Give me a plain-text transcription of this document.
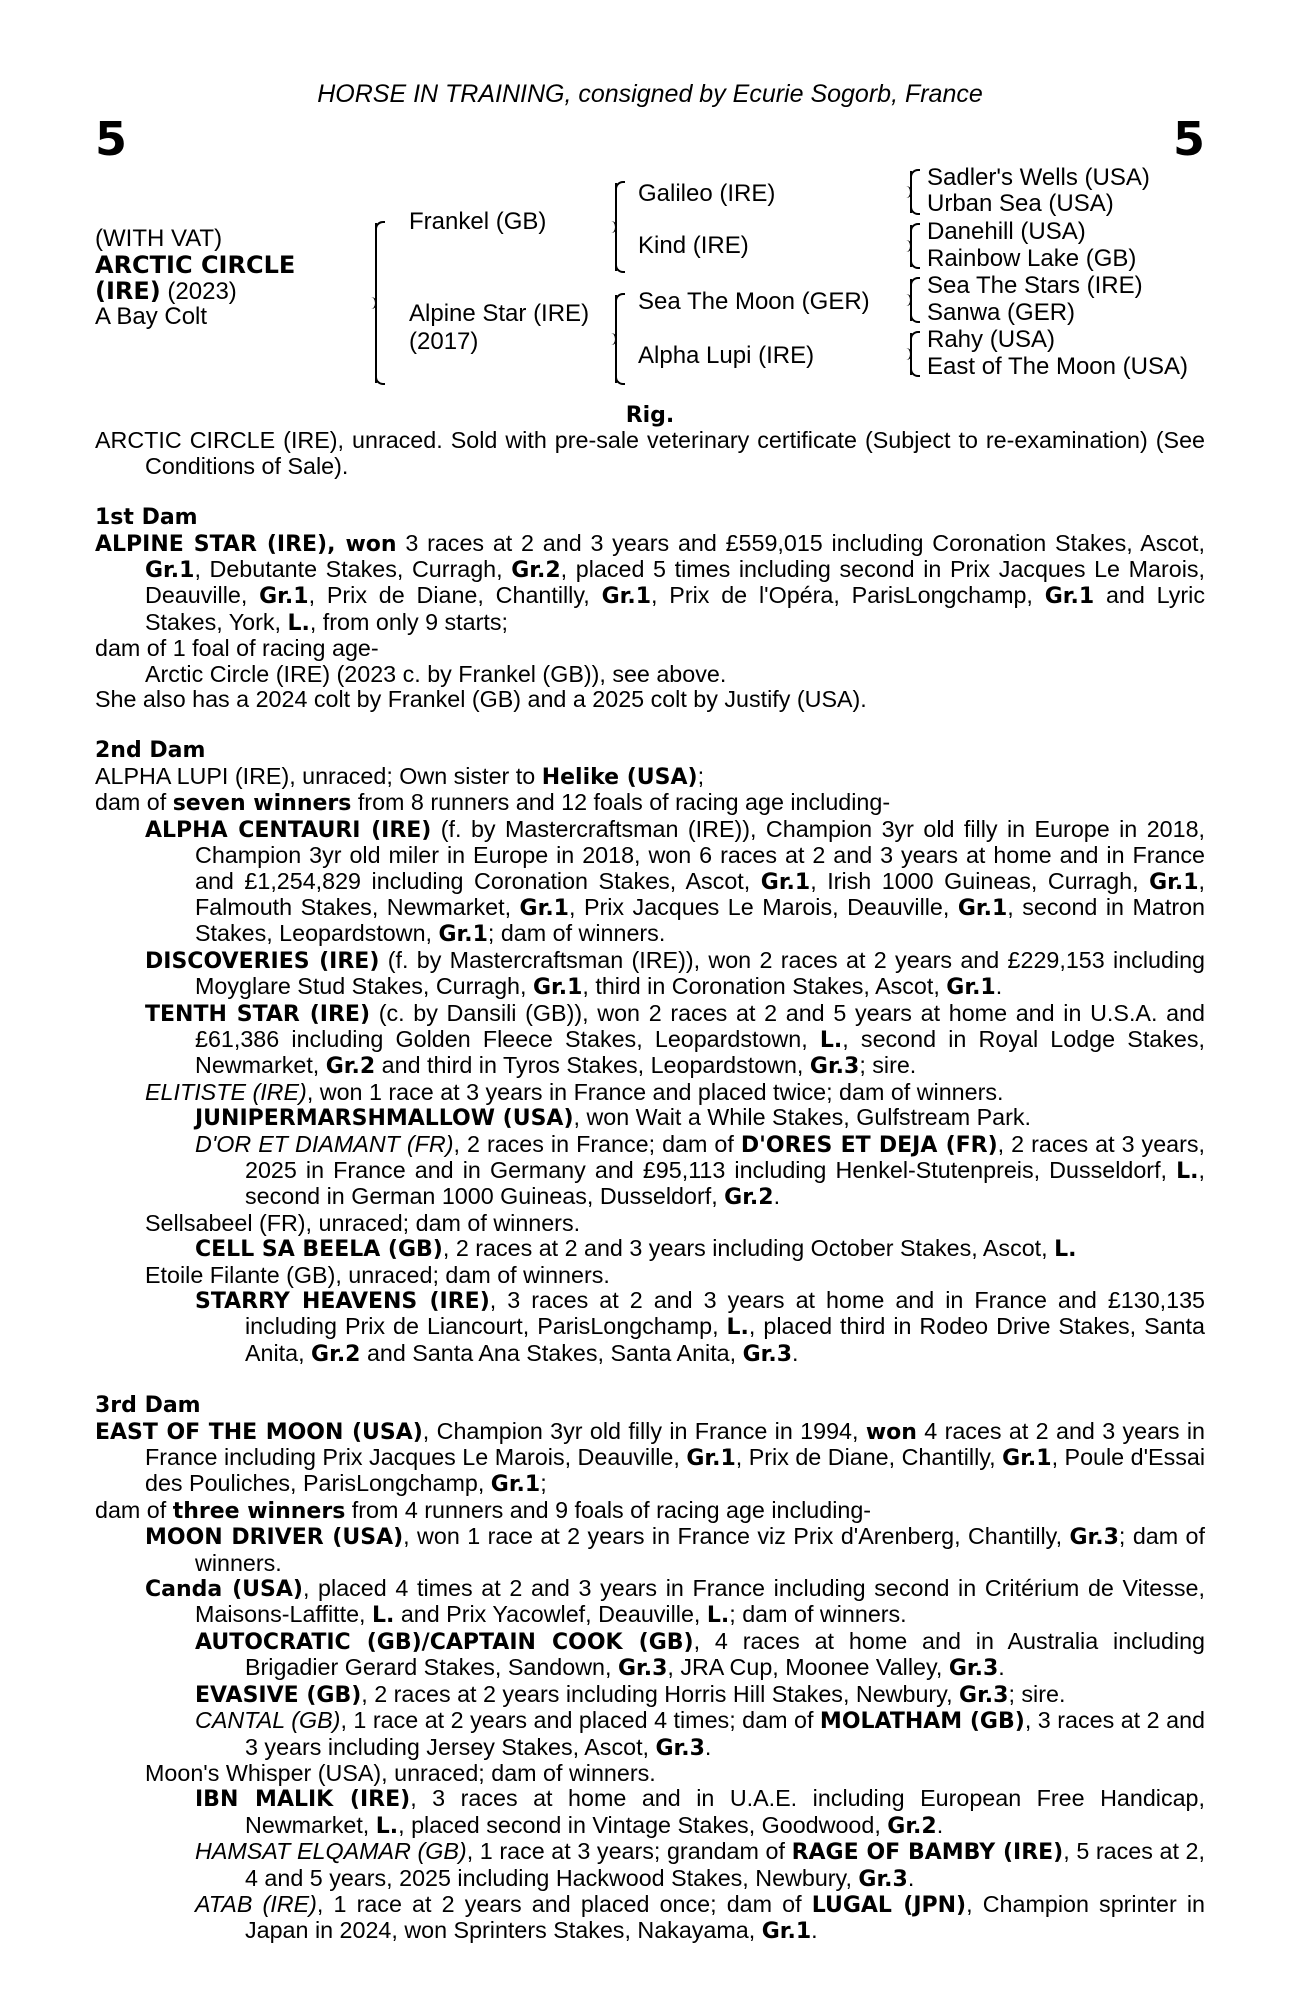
HORSE IN TRAINING, consigned by Ecurie Sogorb, France
5	5
(WITH VAT)
ARCTIC CIRCLE
(IRE) (2023)
A Bay Colt
Frankel (GB)
Alpine Star (IRE)
(2017)
Galileo (IRE)
Kind (IRE)
Sea The Moon (GER)
Alpha Lupi (IRE)
Sadler's Wells (USA)
Urban Sea (USA)
Danehill (USA)
Rainbow Lake (GB)
Sea The Stars (IRE)
Sanwa (GER)
Rahy (USA)
East of The Moon (USA)

Rig.

ARCTIC CIRCLE (IRE), unraced. Sold with pre-sale veterinary certificate (Subject to re-examination) (See Conditions of Sale).

1st Dam

ALPINE STAR (IRE), won 3 races at 2 and 3 years and £559,015 including Coronation Stakes, Ascot, Gr.1, Debutante Stakes, Curragh, Gr.2, placed 5 times including second in Prix Jacques Le Marois, Deauville, Gr.1, Prix de Diane, Chantilly, Gr.1, Prix de l'Opéra, ParisLongchamp, Gr.1 and Lyric Stakes, York, L., from only 9 starts;

dam of 1 foal of racing age-

Arctic Circle (IRE) (2023 c. by Frankel (GB)), see above.

She also has a 2024 colt by Frankel (GB) and a 2025 colt by Justify (USA).

2nd Dam

ALPHA LUPI (IRE), unraced; Own sister to Helike (USA);

dam of seven winners from 8 runners and 12 foals of racing age including-

ALPHA CENTAURI (IRE) (f. by Mastercraftsman (IRE)), Champion 3yr old filly in Europe in 2018, Champion 3yr old miler in Europe in 2018, won 6 races at 2 and 3 years at home and in France and £1,254,829 including Coronation Stakes, Ascot, Gr.1, Irish 1000 Guineas, Curragh, Gr.1, Falmouth Stakes, Newmarket, Gr.1, Prix Jacques Le Marois, Deauville, Gr.1, second in Matron Stakes, Leopardstown, Gr.1; dam of winners.

DISCOVERIES (IRE) (f. by Mastercraftsman (IRE)), won 2 races at 2 years and £229,153 including Moyglare Stud Stakes, Curragh, Gr.1, third in Coronation Stakes, Ascot, Gr.1.

TENTH STAR (IRE) (c. by Dansili (GB)), won 2 races at 2 and 5 years at home and in U.S.A. and £61,386 including Golden Fleece Stakes, Leopardstown, L., second in Royal Lodge Stakes, Newmarket, Gr.2 and third in Tyros Stakes, Leopardstown, Gr.3; sire.

ELITISTE (IRE), won 1 race at 3 years in France and placed twice; dam of winners.

JUNIPERMARSHMALLOW (USA), won Wait a While Stakes, Gulfstream Park.

D'OR ET DIAMANT (FR), 2 races in France; dam of D'ORES ET DEJA (FR), 2 races at 3 years, 2025 in France and in Germany and £95,113 including Henkel-Stutenpreis, Dusseldorf, L., second in German 1000 Guineas, Dusseldorf, Gr.2.

Sellsabeel (FR), unraced; dam of winners.

CELL SA BEELA (GB), 2 races at 2 and 3 years including October Stakes, Ascot, L.

Etoile Filante (GB), unraced; dam of winners.

STARRY HEAVENS (IRE), 3 races at 2 and 3 years at home and in France and £130,135 including Prix de Liancourt, ParisLongchamp, L., placed third in Rodeo Drive Stakes, Santa Anita, Gr.2 and Santa Ana Stakes, Santa Anita, Gr.3.

3rd Dam

EAST OF THE MOON (USA), Champion 3yr old filly in France in 1994, won 4 races at 2 and 3 years in France including Prix Jacques Le Marois, Deauville, Gr.1, Prix de Diane, Chantilly, Gr.1, Poule d'Essai des Pouliches, ParisLongchamp, Gr.1;

dam of three winners from 4 runners and 9 foals of racing age including-

MOON DRIVER (USA), won 1 race at 2 years in France viz Prix d'Arenberg, Chantilly, Gr.3; dam of winners.

Canda (USA), placed 4 times at 2 and 3 years in France including second in Critérium de Vitesse, Maisons-Laffitte, L. and Prix Yacowlef, Deauville, L.; dam of winners.

AUTOCRATIC (GB)/CAPTAIN COOK (GB), 4 races at home and in Australia including Brigadier Gerard Stakes, Sandown, Gr.3, JRA Cup, Moonee Valley, Gr.3.

EVASIVE (GB), 2 races at 2 years including Horris Hill Stakes, Newbury, Gr.3; sire.

CANTAL (GB), 1 race at 2 years and placed 4 times; dam of MOLATHAM (GB), 3 races at 2 and 3 years including Jersey Stakes, Ascot, Gr.3.

Moon's Whisper (USA), unraced; dam of winners.

IBN MALIK (IRE), 3 races at home and in U.A.E. including European Free Handicap, Newmarket, L., placed second in Vintage Stakes, Goodwood, Gr.2.

HAMSAT ELQAMAR (GB), 1 race at 3 years; grandam of RAGE OF BAMBY (IRE), 5 races at 2, 4 and 5 years, 2025 including Hackwood Stakes, Newbury, Gr.3.

ATAB (IRE), 1 race at 2 years and placed once; dam of LUGAL (JPN), Champion sprinter in Japan in 2024, won Sprinters Stakes, Nakayama, Gr.1.
